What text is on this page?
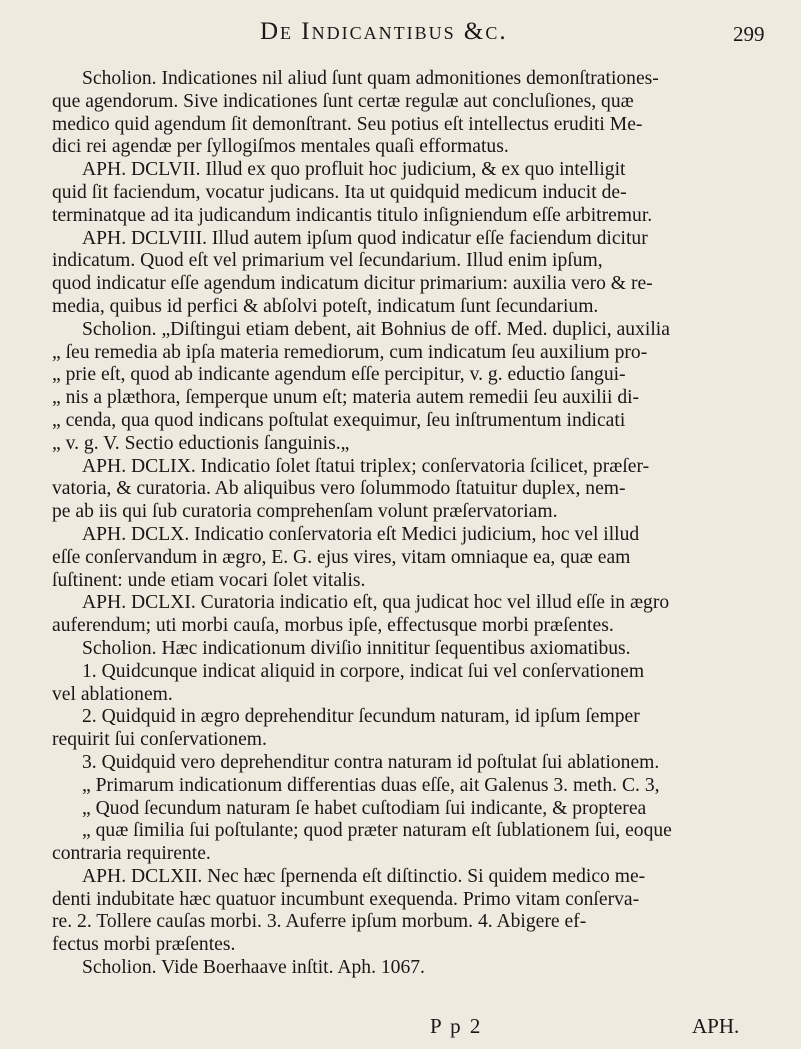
De Indicantibus &c.	299
Scholion. Indicationes nil aliud ſunt quam admonitiones demonſtrationes-
que agendorum. Sive indicationes ſunt certæ regulæ aut concluſiones, quæ
medico quid agendum ſit demonſtrant. Seu potius eſt intellectus eruditi Me-
dici rei agendæ per ſyllogiſmos mentales quaſi efformatus.
APH. DCLVII. Illud ex quo profluit hoc judicium, & ex quo intelligit
quid ſit faciendum, vocatur judicans. Ita ut quidquid medicum inducit de-
terminatque ad ita judicandum indicantis titulo inſigniendum eſſe arbitremur.
APH. DCLVIII. Illud autem ipſum quod indicatur eſſe faciendum dicitur
indicatum. Quod eſt vel primarium vel ſecundarium. Illud enim ipſum,
quod indicatur eſſe agendum indicatum dicitur primarium: auxilia vero & re-
media, quibus id perfici & abſolvi poteſt, indicatum ſunt ſecundarium.
Scholion. „Diſtingui etiam debent, ait Bohnius de off. Med. duplici, auxilia
„ ſeu remedia ab ipſa materia remediorum, cum indicatum ſeu auxilium pro-
„ prie eſt, quod ab indicante agendum eſſe percipitur, v. g. eductio ſangui-
„ nis a plæthora, ſemperque unum eſt; materia autem remedii ſeu auxilii di-
„ cenda, qua quod indicans poſtulat exequimur, ſeu inſtrumentum indicati
„ v. g. V. Sectio eductionis ſanguinis.„
APH. DCLIX. Indicatio ſolet ſtatui triplex; conſervatoria ſcilicet, præſer-
vatoria, & curatoria. Ab aliquibus vero ſolummodo ſtatuitur duplex, nem-
pe ab iis qui ſub curatoria comprehenſam volunt præſervatoriam.
APH. DCLX. Indicatio conſervatoria eſt Medici judicium, hoc vel illud
eſſe conſervandum in ægro, E. G. ejus vires, vitam omniaque ea, quæ eam
ſuſtinent: unde etiam vocari ſolet vitalis.
APH. DCLXI. Curatoria indicatio eſt, qua judicat hoc vel illud eſſe in ægro
auferendum; uti morbi cauſa, morbus ipſe, effectusque morbi præſentes.
Scholion. Hæc indicationum diviſio innititur ſequentibus axiomatibus.
1. Quidcunque indicat aliquid in corpore, indicat ſui vel conſervationem
vel ablationem.
2. Quidquid in ægro deprehenditur ſecundum naturam, id ipſum ſemper
requirit ſui conſervationem.
3. Quidquid vero deprehenditur contra naturam id poſtulat ſui ablationem.
„ Primarum indicationum differentias duas eſſe, ait Galenus 3. meth. C. 3,
„ Quod ſecundum naturam ſe habet cuſtodiam ſui indicante, & propterea
„ quæ ſimilia ſui poſtulante; quod præter naturam eſt ſublationem ſui, eoque
contraria requirente.
APH. DCLXII. Nec hæc ſpernenda eſt diſtinctio. Si quidem medico me-
denti indubitate hæc quatuor incumbunt exequenda. Primo vitam conſerva-
re. 2. Tollere cauſas morbi. 3. Auferre ipſum morbum. 4. Abigere ef-
fectus morbi præſentes.
Scholion. Vide Boerhaave inſtit. Aph. 1067.
P p 2	APH.
